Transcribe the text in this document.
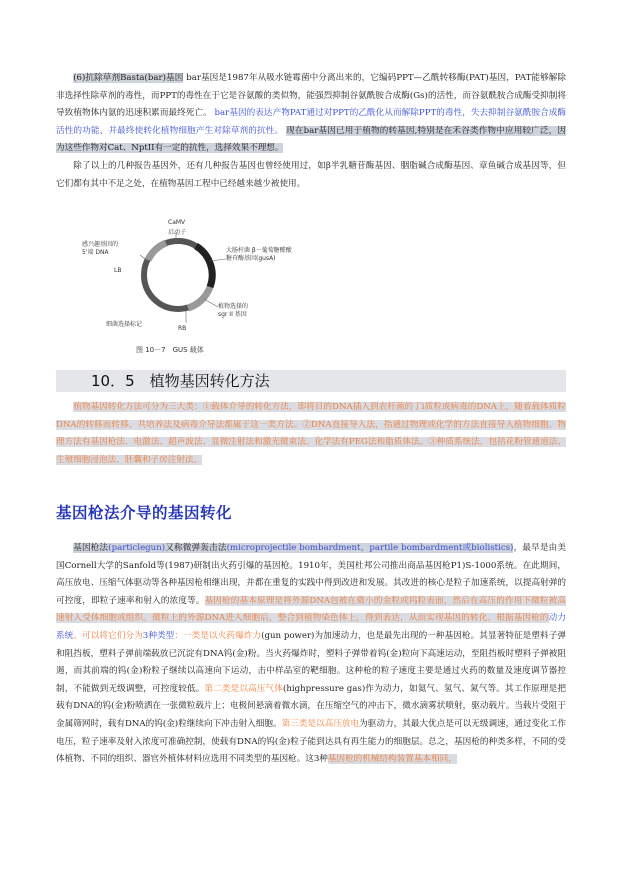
(6)抗除草剂Basta(bar)基因 bar基因是1987年从吸水链霉菌中分离出来的，它编码PPT—乙酰转移酶(PAT)基因，PAT能够解除非选择性除草剂的毒性，而PPT的毒性在于它是谷氨酸的类似物，能强烈抑制谷氨酰胺合成酶(Gs)的活性，而谷氨酰胺合成酶受抑制将导致植物体内氨的迅速积累而最终死亡。 bar基因的表达产物PAT通过对PPT的乙酰化从而解除PPT的毒性，失去抑制谷氨酰胺合成酶活性的功能，并最终使转化植物细胞产生对除草剂的抗性。 现在bar基因已用于植物的转基因,特别是在禾谷类作物中应用较广泛，因为这些作物对Cat、NptII有一定的抗性，选择效果不理想。

除了以上的几种报告基因外，还有几种报告基因也曾经使用过，如β半乳糖苷酶基因、胭脂碱合成酶基因、章鱼碱合成基因等，但它们都有其中不足之处，在植物基因工程中已经越来越少被使用。

CaMV
启动子
感兴趣基因的
5'端 DNA
LB
大肠杆菌 β－葡萄糖醛酸
糖苷酶基因(gusA)
植物选择的
sgr II 基因
细菌选择标记
RB
图 10－7　GUS 载体
10．5　植物基因转化方法

植物基因转化方法可分为三大类：①载体介导的转化方法，即将目的DNA插入到农杆菌的丁i质粒或病毒的DNA上，随着载体质粒DNA的转移而转移。共培养法及病毒介导法都属于这一类方法。②DNA直接导入法，指通过物理或化学的方法直接导入植物细胞。物理方法有基因枪法、电激法、超声波法、显微注射法和激光微束法。化学法有PEG法和脂质体法。③种质系统法，包括花粉管通道法、生殖细胞浸泡法、胚囊和子房注射法。

基因枪法介导的基因转化

基因枪法(particlegun)又称微弹轰击法(microprojectile bombardment，partile bombardment或biolistics)，最早是由美国Cornell大学的Sanfold等(1987)研制出火药引爆的基因枪。1910年，美国杜邦公司推出商品基因枪P1)S-1000系统。在此期间，高压放电、压缩气体驱动等各种基因枪相继出现，并都在重复的实践中得到改进和发展。其改进的核心是粒子加速系统，以提高射弹的可控度，即粒子速率和射入的浓度等。基因枪的基本原理是将外源DNA包被在微小的金粒或钨粒表面，然后在高压的作用下微粒被高速射入受体细胞或组织。微粒上的外源DNA进入细胞后，整合到植物染色体上，得到表达，从而实现基因的转化。根据基因枪的动力系统。可以将它们分为3种类型：一类是以火药爆炸力(gun power)为加速动力，也是最先出现的一种基因枪。其显著特征是塑料子弹和阻挡板，塑料子弹前端载放已沉淀有DNA钨(金)粉。当火药爆炸时，塑料子弹带着钨(金)粒向下高速运动，至阻挡板时塑料子弹被阻遏，而其前端的钨(金)粉粒子继续以高速向下运动，击中样品室的靶细胞。这种枪的粒子速度主要是通过火药的数量及速度调节器控制，不能做到无级调整，可控度较低。第二类是以高压气体(highpressure gas)作为动力，如氦气、氢气、氮气等。其工作原理是把载有DNA的钨(金)粉喷洒在一张微粒载片上；电极间悬滴着微水滴，在压缩空气的冲击下，微水滴雾状喷射，驱动载片。当载片受阻于金属筛网时，载有DNA的钨(金)粒继续向下冲击射入细胞。第三类是以高压放电为驱动力，其最大优点是可以无级调速，通过变化工作电压，粒子速率及射入浓度可准确控制，使载有DNA的钨(金)粒子能到达具有再生能力的细胞层。总之，基因枪的种类多样，不同的受体植物、不同的组织、器官外植体材料应选用不同类型的基因枪。这3种基因枪的机械结构装置基本相同，
